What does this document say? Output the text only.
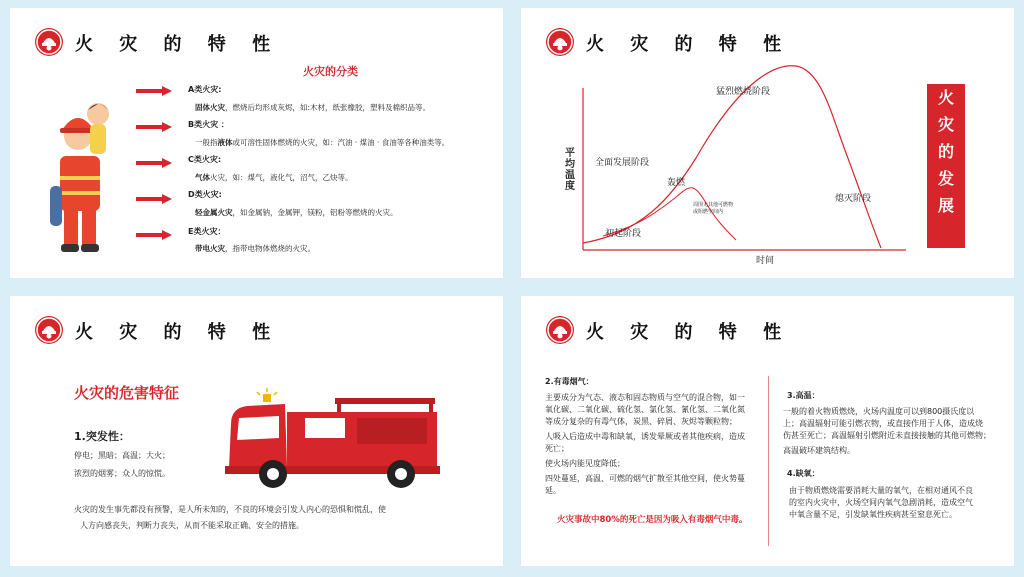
火 灾 的 特 性
火灾的分类
A类火灾:
固体火灾，燃烧后均形成灰烬，如:木材，纸张橡胶，塑料及棉织品等。
B类火灾 ：
一般指液体或可溶性固体燃烧的火灾，如：汽油 · 煤油 · 食油等各种油类等。
C类火灾:
气体火灾，如：煤气，液化气，沼气，乙炔等。
D类火灾:
轻金属火灾，如金属钠，金属钾，镁粉，铝粉等燃烧的火灾。
E类火灾：
带电火灾，指带电物体燃烧的火灾。
火 灾 的 特 性
猛烈燃烧阶段
全面发展阶段
轰燃
初起阶段
熄灭阶段
周围无其他可燃物
或阻燃空间内
时间
平均温度
火
灾
的
发
展
火 灾 的 特 性
火灾的危害特征
1.突发性：
停电；黑暗；高温；大火；
浓烈的烟雾；众人的惊慌。
火灾的发生事先都没有预警，是人所未知的，不良的环境会引发人内心的恐惧和慌乱，使
人方向感丧失，判断力丧失，从而不能采取正确、安全的措施。
火 灾 的 特 性
2.有毒烟气：
主要成分为气态、液态和固态物质与空气的混合物，如一
氧化碳、二氧化碳、硫化氢、氯化氢、氰化氢、二氧化氮
等成分复杂的有毒气体，炭黑、碎屑、灰烬等颗粒物；
人吸入后造成中毒和缺氧，诱发晕厥或者其他疾病，造成
死亡；
使火场内能见度降低；
四处蔓延，高温、可燃的烟气扩散至其他空间，使火势蔓
延。
火灾事故中80%的死亡是因为吸入有毒烟气中毒。
3.高温：
一般的着火物质燃烧，火场内温度可以到800摄氏度以
上；高温辐射可能引燃衣物，或直接作用于人体，造成烧
伤甚至死亡；高温辐射引燃附近未直接接触的其他可燃物；
高温破坏建筑结构。
4.缺氧：
由于物质燃烧需要消耗大量的氧气，在相对通风不良
的室内火灾中，火场空间内氧气急剧消耗，造成空气
中氧含量不足，引发缺氧性疾病甚至窒息死亡。
